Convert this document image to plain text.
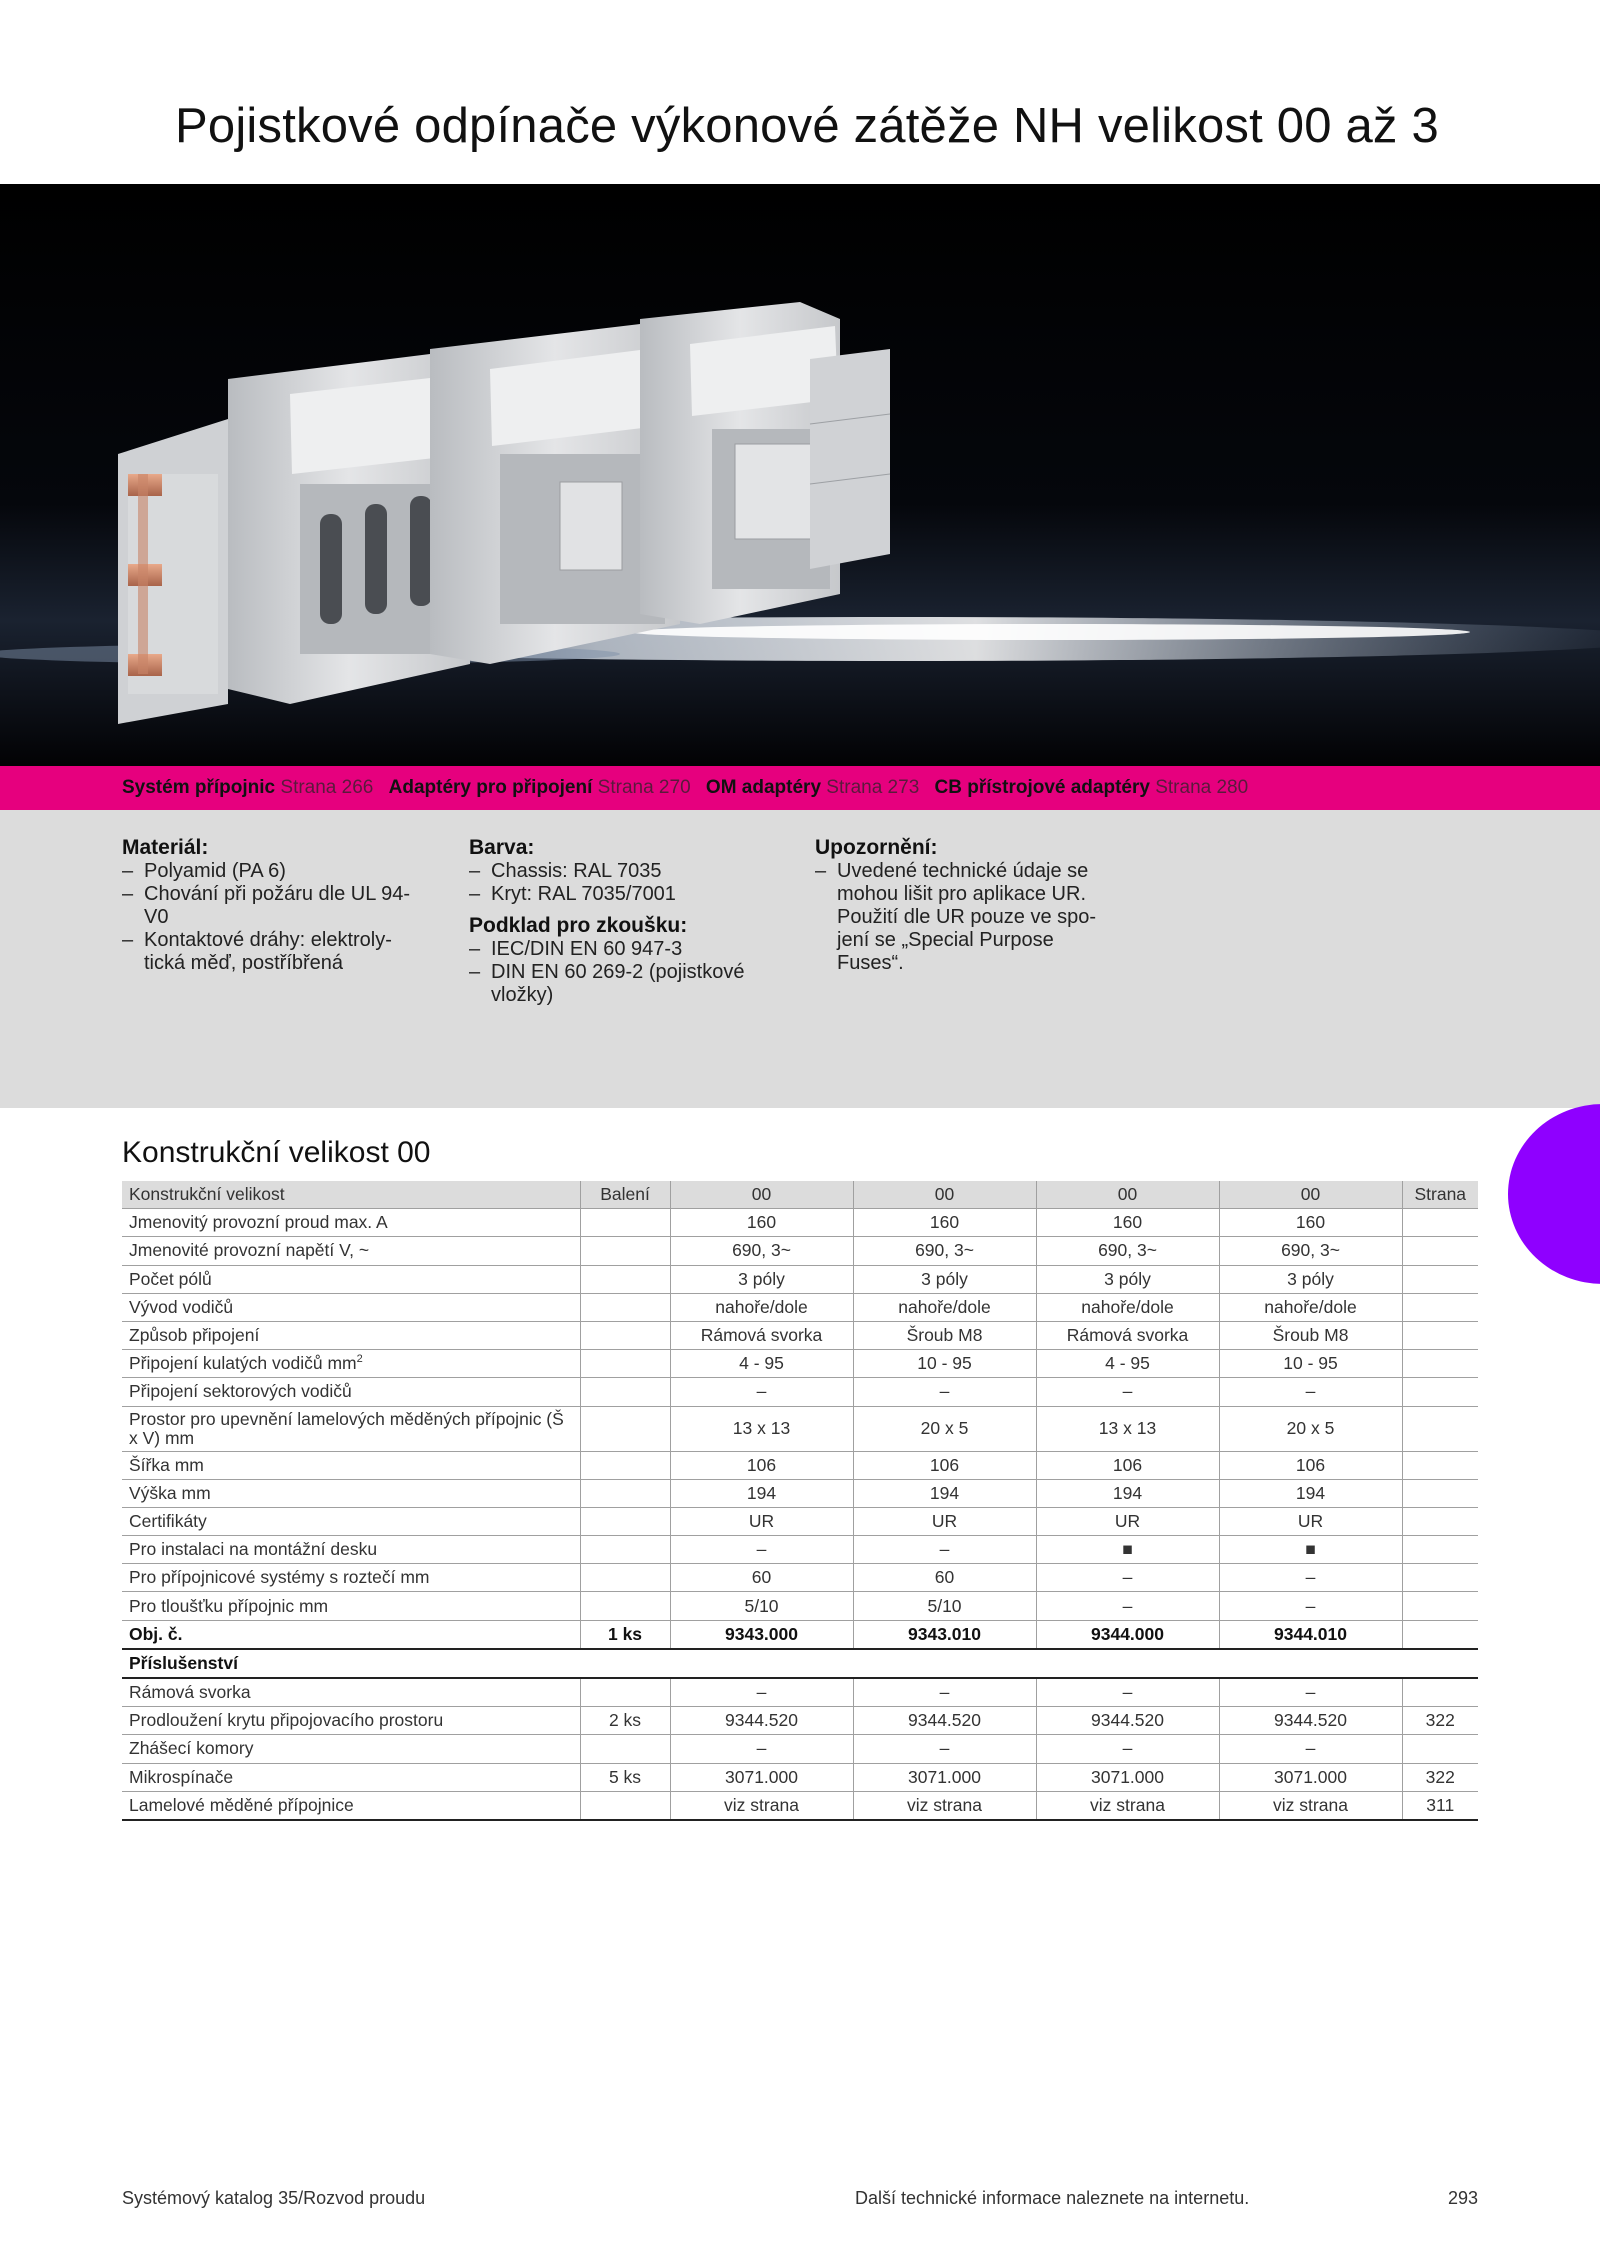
Pojistkové odpínače výkonové zátěže NH velikost 00 až 3
Systém přípojnic Strana 266 Adaptéry pro připojení Strana 270 OM adaptéry Strana 273 CB přístrojové adaptéry Strana 280
Materiál:
– Polyamid (PA 6)
– Chování při požáru dle UL 94-V0
– Kontaktové dráhy: elektroly-tická měď, postříbřená
Barva:
– Chassis: RAL 7035
– Kryt: RAL 7035/7001
Podklad pro zkoušku:
– IEC/DIN EN 60 947-3
– DIN EN 60 269-2 (pojistkové vložky)
Upozornění:
– Uvedené technické údaje se mohou lišit pro aplikace UR. Použití dle UR pouze ve spo-jení se „Special Purpose Fuses“.
Konstrukční velikost 00
Konstrukční velikost	Balení	00	00	00	00	Strana
Jmenovitý provozní proud max. A		160	160	160	160	
Jmenovité provozní napětí V, ~		690, 3~	690, 3~	690, 3~	690, 3~	
Počet pólů		3 póly	3 póly	3 póly	3 póly	
Vývod vodičů		nahoře/dole	nahoře/dole	nahoře/dole	nahoře/dole	
Způsob připojení		Rámová svorka	Šroub M8	Rámová svorka	Šroub M8	
Připojení kulatých vodičů $mm^2$		4 - 95	10 - 95	4 - 95	10 - 95	
Připojení sektorových vodičů		–	–	–	–	
Prostor pro upevnění lamelových měděných přípojnic (Š x V) mm		13 x 13	20 x 5	13 x 13	20 x 5	
Šířka mm		106	106	106	106	
Výška mm		194	194	194	194	
Certifikáty		UR	UR	UR	UR	
Pro instalaci na montážní desku		–	–	■	■	
Pro přípojnicové systémy s roztečí mm		60	60	–	–	
Pro tloušťku přípojnic mm		5/10	5/10	–	–	
Obj. č.	1 ks	9343.000	9343.010	9344.000	9344.010	
Příslušenství						
Rámová svorka		–	–	–	–	
Prodloužení krytu připojovacího prostoru	2 ks	9344.520	9344.520	9344.520	9344.520	322
Zhášecí komory		–	–	–	–	
Mikrospínače	5 ks	3071.000	3071.000	3071.000	3071.000	322
Lamelové měděné přípojnice		viz strana	viz strana	viz strana	viz strana	311
Systémový katalog 35/Rozvod proudu	Další technické informace naleznete na internetu.	293
